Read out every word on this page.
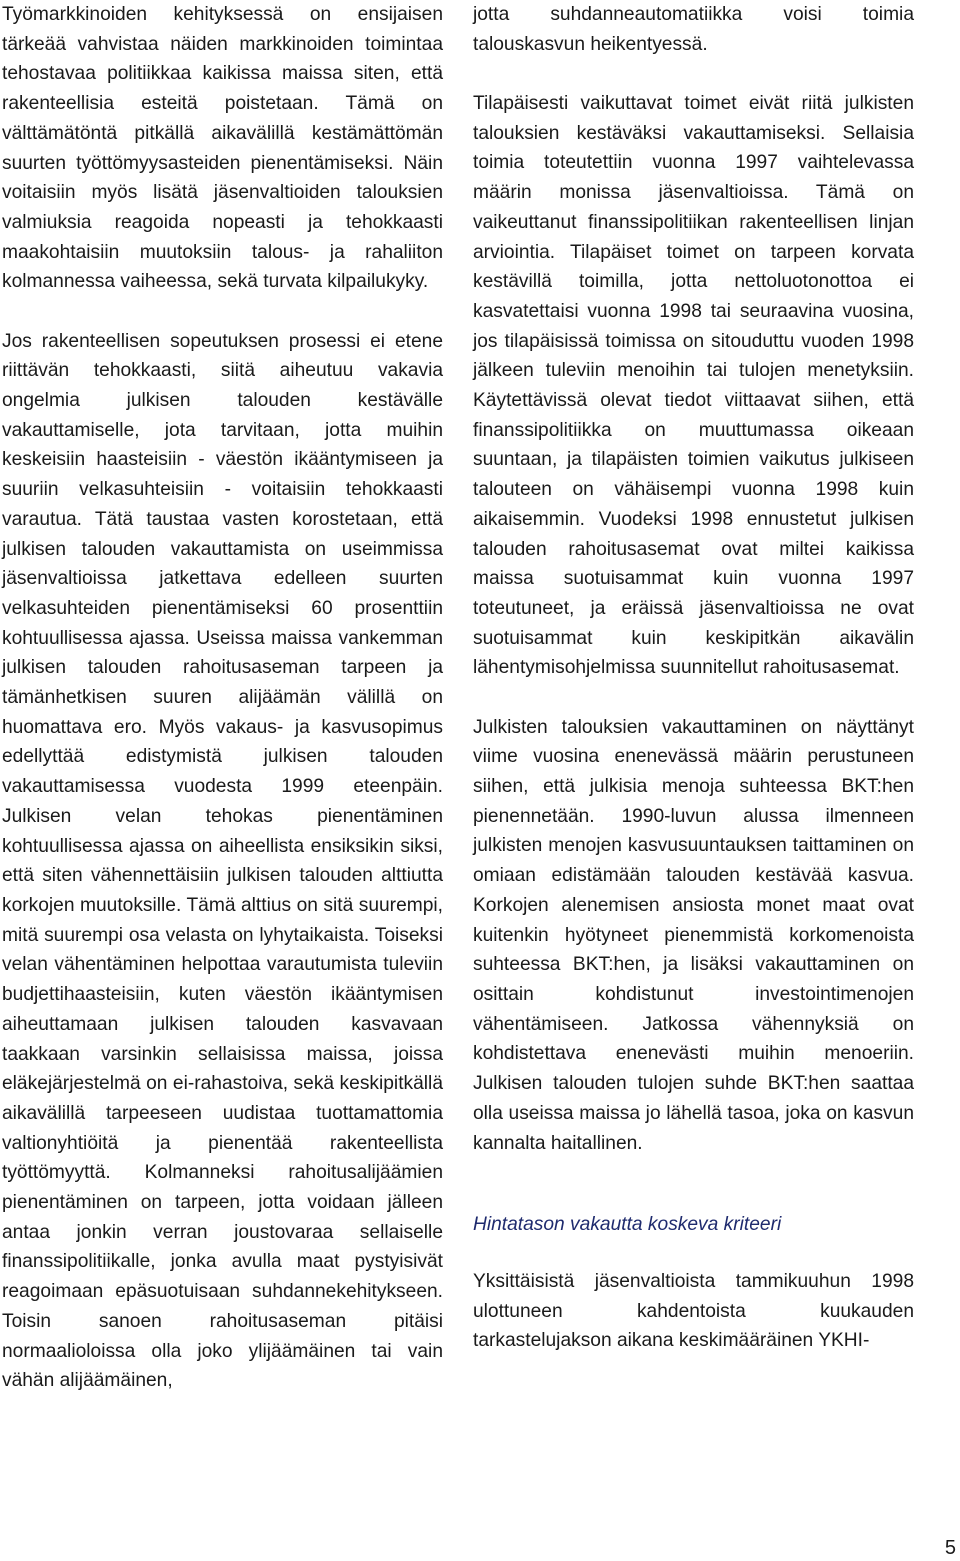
Työmarkkinoiden kehityksessä on ensijaisen tärkeää vahvistaa näiden markkinoiden toimintaa tehostavaa politiikkaa kaikissa maissa siten, että rakenteellisia esteitä poistetaan. Tämä on välttämätöntä pitkällä aikavälillä kestämättömän suurten työttömyysasteiden pienentämiseksi. Näin voitaisiin myös lisätä jäsenvaltioiden talouksien valmiuksia reagoida nopeasti ja tehokkaasti maakohtaisiin muutoksiin talous- ja rahaliiton kolmannessa vaiheessa, sekä turvata kilpailukyky.

Jos rakenteellisen sopeutuksen prosessi ei etene riittävän tehokkaasti, siitä aiheutuu vakavia ongelmia julkisen talouden kestävälle vakauttamiselle, jota tarvitaan, jotta muihin keskeisiin haasteisiin - väestön ikääntymiseen ja suuriin velkasuhteisiin - voitaisiin tehokkaasti varautua. Tätä taustaa vasten korostetaan, että julkisen talouden vakauttamista on useimmissa jäsenvaltioissa jatkettava edelleen suurten velkasuhteiden pienentämiseksi 60 prosenttiin kohtuullisessa ajassa. Useissa maissa vankemman julkisen talouden rahoitusaseman tarpeen ja tämänhetkisen suuren alijäämän välillä on huomattava ero. Myös vakaus- ja kasvusopimus edellyttää edistymistä julkisen talouden vakauttamisessa vuodesta 1999 eteenpäin. Julkisen velan tehokas pienentäminen kohtuullisessa ajassa on aiheellista ensiksikin siksi, että siten vähennettäisiin julkisen talouden alttiutta korkojen muutoksille. Tämä alttius on sitä suurempi, mitä suurempi osa velasta on lyhytaikaista. Toiseksi velan vähentäminen helpottaa varautumista tuleviin budjettihaasteisiin, kuten väestön ikääntymisen aiheuttamaan julkisen talouden kasvavaan taakkaan varsinkin sellaisissa maissa, joissa eläkejärjestelmä on ei-rahastoiva, sekä keskipitkällä aikavälillä tarpeeseen uudistaa tuottamattomia valtionyhtiöitä ja pienentää rakenteellista työttömyyttä. Kolmanneksi rahoitusalijäämien pienentäminen on tarpeen, jotta voidaan jälleen antaa jonkin verran joustovaraa sellaiselle finanssipolitiikalle, jonka avulla maat pystyisivät reagoimaan epäsuotuisaan suhdannekehitykseen. Toisin sanoen rahoitusaseman pitäisi normaalioloissa olla joko ylijäämäinen tai vain vähän alijäämäinen,

jotta suhdanneautomatiikka voisi toimia talouskasvun heikentyessä.

Tilapäisesti vaikuttavat toimet eivät riitä julkisten talouksien kestäväksi vakauttamiseksi. Sellaisia toimia toteutettiin vuonna 1997 vaihtelevassa määrin monissa jäsenvaltioissa. Tämä on vaikeuttanut finanssipolitiikan rakenteellisen linjan arviointia. Tilapäiset toimet on tarpeen korvata kestävillä toimilla, jotta nettoluotonottoa ei kasvatettaisi vuonna 1998 tai seuraavina vuosina, jos tilapäisissä toimissa on sitouduttu vuoden 1998 jälkeen tuleviin menoihin tai tulojen menetyksiin. Käytettävissä olevat tiedot viittaavat siihen, että finanssipolitiikka on muuttumassa oikeaan suuntaan, ja tilapäisten toimien vaikutus julkiseen talouteen on vähäisempi vuonna 1998 kuin aikaisemmin. Vuodeksi 1998 ennustetut julkisen talouden rahoitusasemat ovat miltei kaikissa maissa suotuisammat kuin vuonna 1997 toteutuneet, ja eräissä jäsenvaltioissa ne ovat suotuisammat kuin keskipitkän aikavälin lähentymisohjelmissa suunnitellut rahoitusasemat.

Julkisten talouksien vakauttaminen on näyttänyt viime vuosina enenevässä määrin perustuneen siihen, että julkisia menoja suhteessa BKT:hen pienennetään. 1990-luvun alussa ilmenneen julkisten menojen kasvusuuntauksen taittaminen on omiaan edistämään talouden kestävää kasvua. Korkojen alenemisen ansiosta monet maat ovat kuitenkin hyötyneet pienemmistä korkomenoista suhteessa BKT:hen, ja lisäksi vakauttaminen on osittain kohdistunut investointimenojen vähentämiseen. Jatkossa vähennyksiä on kohdistettava enenevästi muihin menoeriin. Julkisen talouden tulojen suhde BKT:hen saattaa olla useissa maissa jo lähellä tasoa, joka on kasvun kannalta haitallinen.

Hintatason vakautta koskeva kriteeri

Yksittäisistä jäsenvaltioista tammikuuhun 1998 ulottuneen kahdentoista kuukauden tarkastelujakson aikana keskimääräinen YKHI-

5
